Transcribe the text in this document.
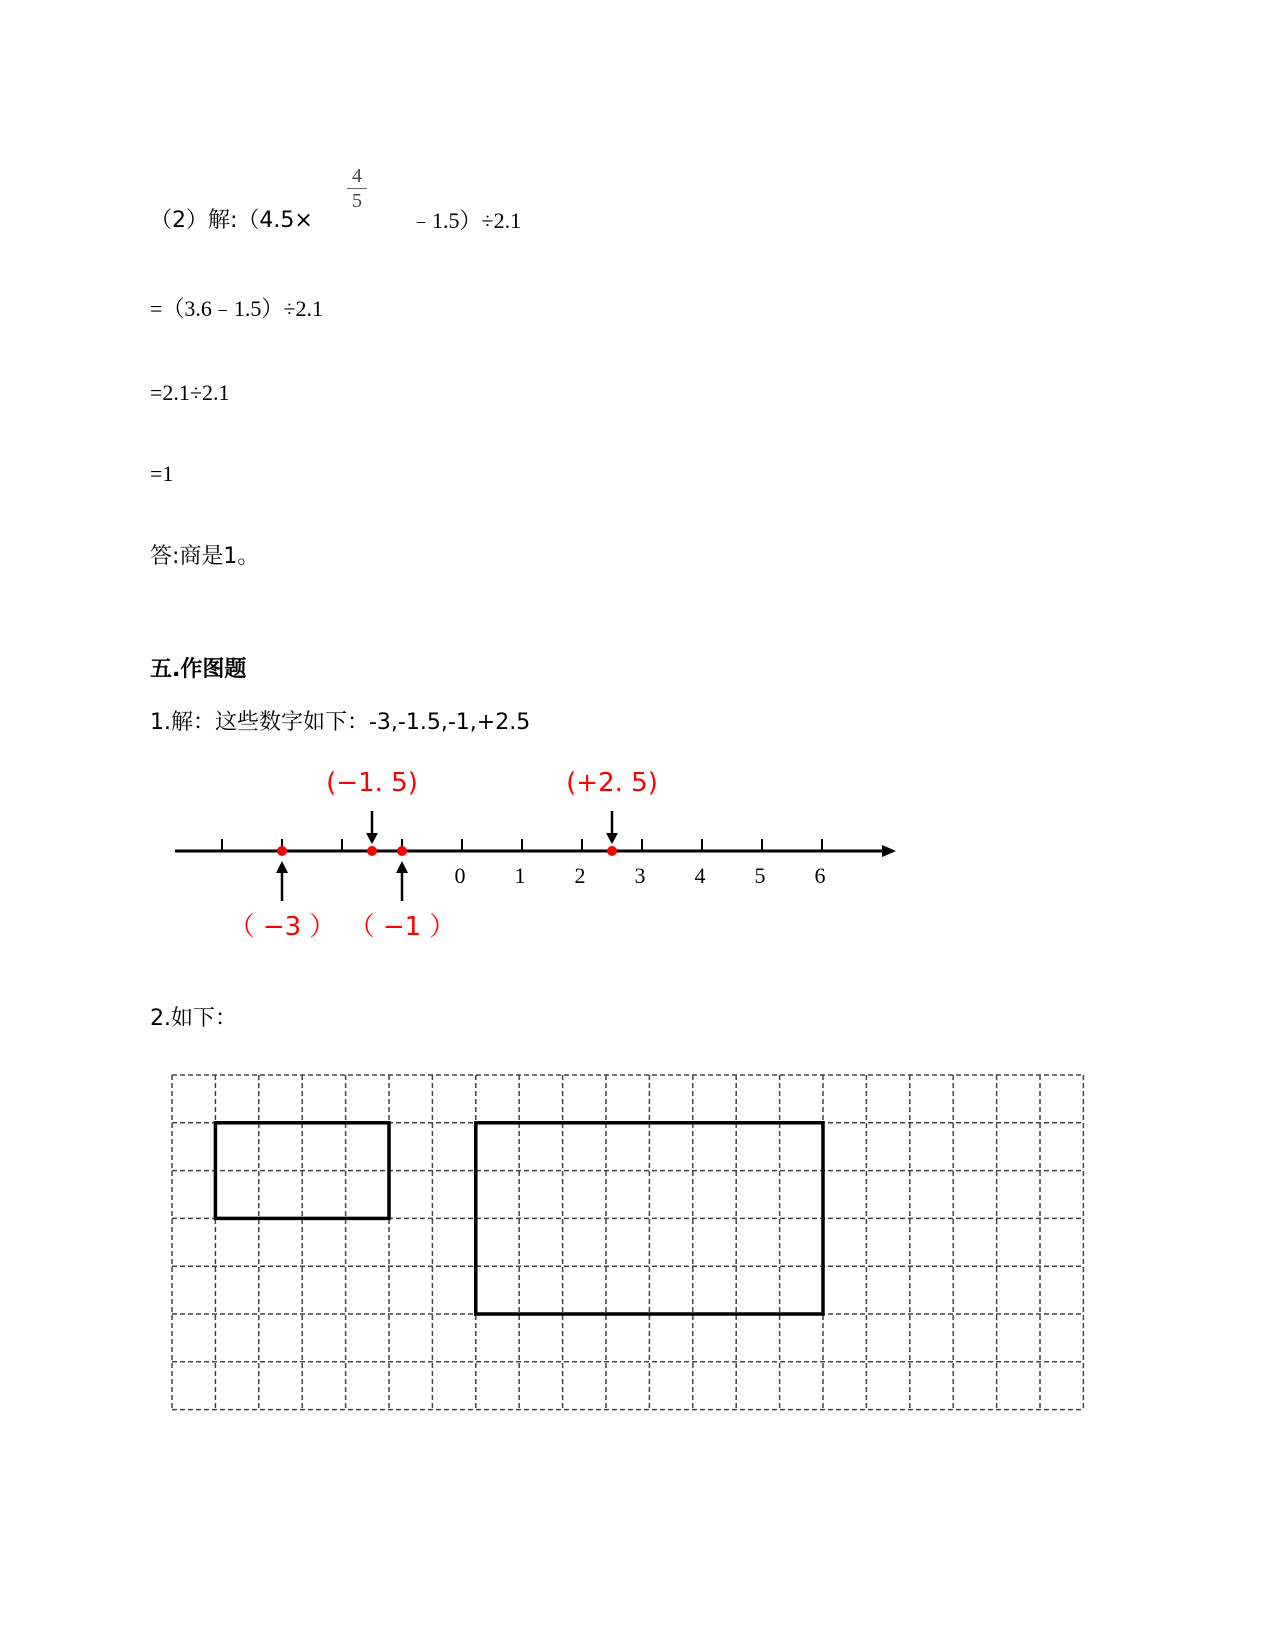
（2）解:（4.5×
4
5
﹣1.5）÷2.1
=（3.6﹣1.5）÷2.1
=2.1÷2.1
=1
答:商是1。
五.作图题
1.解：这些数字如下：-3,-1.5,-1,+2.5
0 1 2 3 4 5 6
（ −3 ）
(−1. 5)
（ −1 ）
(+2. 5)
2.如下：
